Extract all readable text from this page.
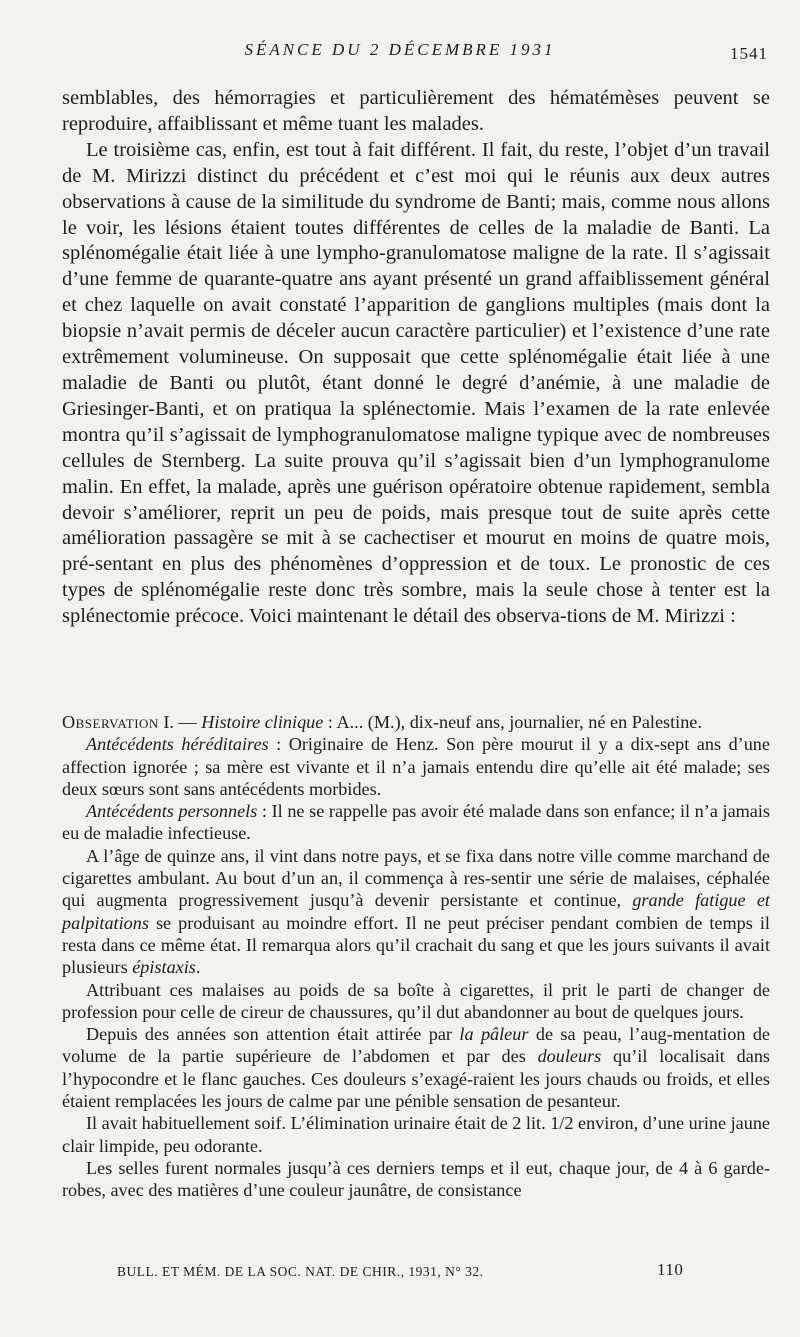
SÉANCE DU 2 DÉCEMBRE 1931	1541

semblables, des hémorragies et particulièrement des hématémèses peuvent se reproduire, affaiblissant et même tuant les malades.

Le troisième cas, enfin, est tout à fait différent. Il fait, du reste, l’objet d’un travail de M. Mirizzi distinct du précédent et c’est moi qui le réunis aux deux autres observations à cause de la similitude du syndrome de Banti; mais, comme nous allons le voir, les lésions étaient toutes différentes de celles de la maladie de Banti. La splénomégalie était liée à une lympho-granulomatose maligne de la rate. Il s’agissait d’une femme de quarante-quatre ans ayant présenté un grand affaiblissement général et chez laquelle on avait constaté l’apparition de ganglions multiples (mais dont la biopsie n’avait permis de déceler aucun caractère particulier) et l’existence d’une rate extrêmement volumineuse. On supposait que cette splénomégalie était liée à une maladie de Banti ou plutôt, étant donné le degré d’anémie, à une maladie de Griesinger-Banti, et on pratiqua la splénectomie. Mais l’examen de la rate enlevée montra qu’il s’agissait de lymphogranulomatose maligne typique avec de nombreuses cellules de Sternberg. La suite prouva qu’il s’agissait bien d’un lymphogranulome malin. En effet, la malade, après une guérison opératoire obtenue rapidement, sembla devoir s’améliorer, reprit un peu de poids, mais presque tout de suite après cette amélioration passagère se mit à se cachectiser et mourut en moins de quatre mois, pré-sentant en plus des phénomènes d’oppression et de toux. Le pronostic de ces types de splénomégalie reste donc très sombre, mais la seule chose à tenter est la splénectomie précoce. Voici maintenant le détail des observa-tions de M. Mirizzi :

Observation I. — Histoire clinique : A... (M.), dix-neuf ans, journalier, né en Palestine.

Antécédents héréditaires : Originaire de Henz. Son père mourut il y a dix-sept ans d’une affection ignorée ; sa mère est vivante et il n’a jamais entendu dire qu’elle ait été malade; ses deux sœurs sont sans antécédents morbides.

Antécédents personnels : Il ne se rappelle pas avoir été malade dans son enfance; il n’a jamais eu de maladie infectieuse.

A l’âge de quinze ans, il vint dans notre pays, et se fixa dans notre ville comme marchand de cigarettes ambulant. Au bout d’un an, il commença à res-sentir une série de malaises, céphalée qui augmenta progressivement jusqu’à devenir persistante et continue, grande fatigue et palpitations se produisant au moindre effort. Il ne peut préciser pendant combien de temps il resta dans ce même état. Il remarqua alors qu’il crachait du sang et que les jours suivants il avait plusieurs épistaxis.

Attribuant ces malaises au poids de sa boîte à cigarettes, il prit le parti de changer de profession pour celle de cireur de chaussures, qu’il dut abandonner au bout de quelques jours.

Depuis des années son attention était attirée par la pâleur de sa peau, l’aug-mentation de volume de la partie supérieure de l’abdomen et par des douleurs qu’il localisait dans l’hypocondre et le flanc gauches. Ces douleurs s’exagé-raient les jours chauds ou froids, et elles étaient remplacées les jours de calme par une pénible sensation de pesanteur.

Il avait habituellement soif. L’élimination urinaire était de 2 lit. 1/2 environ, d’une urine jaune clair limpide, peu odorante.

Les selles furent normales jusqu’à ces derniers temps et il eut, chaque jour, de 4 à 6 garde-robes, avec des matières d’une couleur jaunâtre, de consistance

BULL. ET MÉM. DE LA SOC. NAT. DE CHIR., 1931, N° 32.	110
